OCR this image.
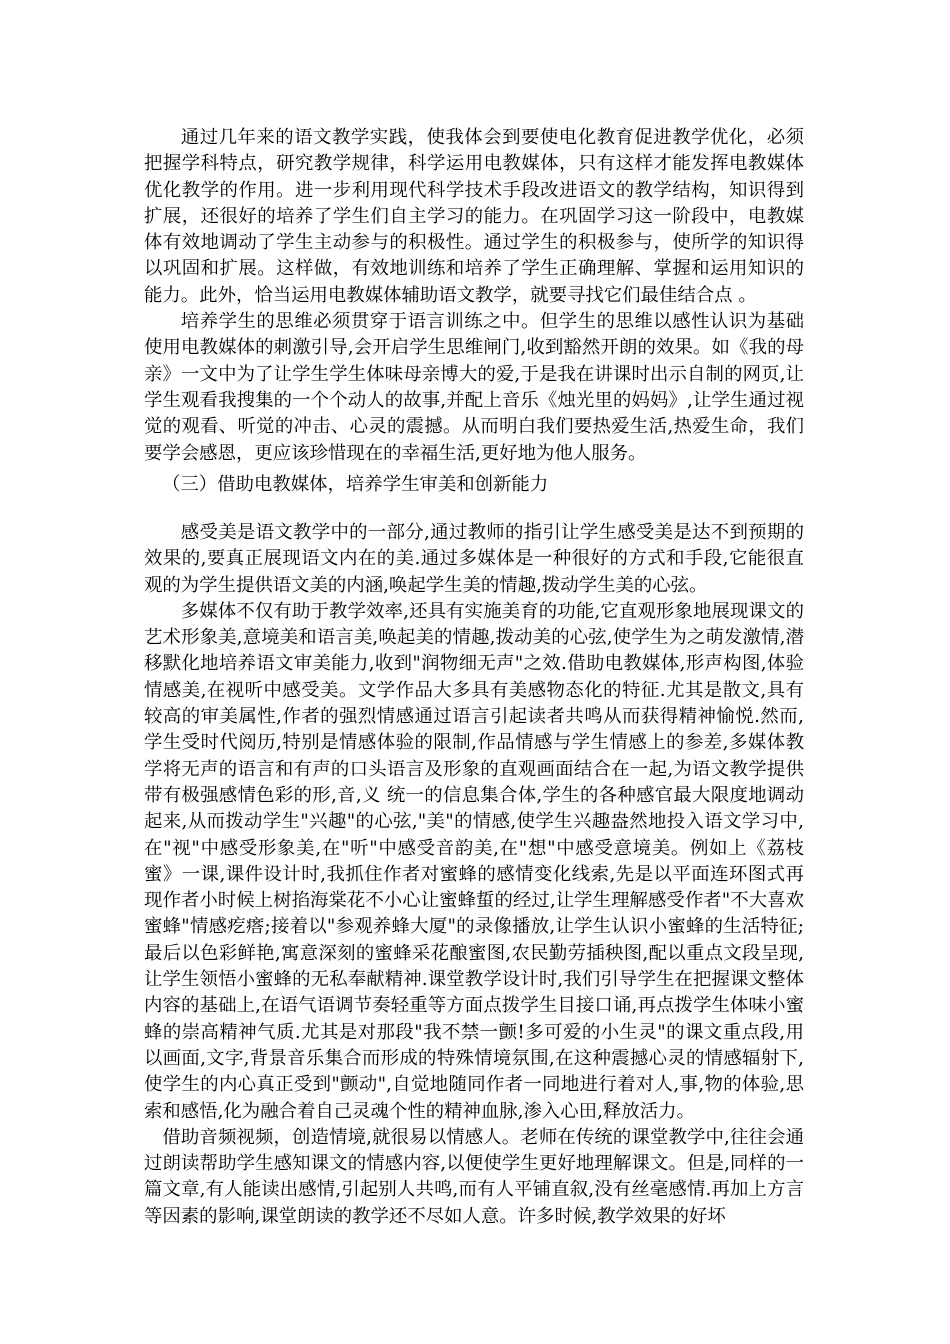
通过几年来的语文教学实践，使我体会到要使电化教育促进教学优化，必须把握学科特点，研究教学规律，科学运用电教媒体，只有这样才能发挥电教媒体优化教学的作用。进一步利用现代科学技术手段改进语文的教学结构，知识得到扩展，还很好的培养了学生们自主学习的能力。在巩固学习这一阶段中，电教媒体有效地调动了学生主动参与的积极性。通过学生的积极参与，使所学的知识得以巩固和扩展。这样做，有效地训练和培养了学生正确理解、掌握和运用知识的能力。此外，恰当运用电教媒体辅助语文教学，就要寻找它们最佳结合点 。

培养学生的思维必须贯穿于语言训练之中。但学生的思维以感性认识为基础使用电教媒体的刺激引导,会开启学生思维闸门,收到豁然开朗的效果。如《我的母亲》一文中为了让学生学生体味母亲博大的爱,于是我在讲课时出示自制的网页,让学生观看我搜集的一个个动人的故事,并配上音乐《烛光里的妈妈》,让学生通过视觉的观看、听觉的冲击、心灵的震撼。从而明白我们要热爱生活,热爱生命，我们要学会感恩，更应该珍惜现在的幸福生活,更好地为他人服务。

（三）借助电教媒体，培养学生审美和创新能力

感受美是语文教学中的一部分,通过教师的指引让学生感受美是达不到预期的效果的,要真正展现语文内在的美.通过多媒体是一种很好的方式和手段,它能很直观的为学生提供语文美的内涵,唤起学生美的情趣,拨动学生美的心弦。

多媒体不仅有助于教学效率,还具有实施美育的功能,它直观形象地展现课文的艺术形象美,意境美和语言美,唤起美的情趣,拨动美的心弦,使学生为之萌发激情,潜移默化地培养语文审美能力,收到"润物细无声"之效.借助电教媒体,形声构图,体验情感美,在视听中感受美。文学作品大多具有美感物态化的特征.尤其是散文,具有较高的审美属性,作者的强烈情感通过语言引起读者共鸣从而获得精神愉悦.然而,学生受时代阅历,特别是情感体验的限制,作品情感与学生情感上的参差,多媒体教学将无声的语言和有声的口头语言及形象的直观画面结合在一起,为语文教学提供带有极强感情色彩的形,音,义 统一的信息集合体,学生的各种感官最大限度地调动起来,从而拨动学生"兴趣"的心弦,"美"的情感,使学生兴趣盎然地投入语文学习中,在"视"中感受形象美,在"听"中感受音韵美,在"想"中感受意境美。例如上《荔枝蜜》一课,课件设计时,我抓住作者对蜜蜂的感情变化线索,先是以平面连环图式再现作者小时候上树掐海棠花不小心让蜜蜂蜇的经过,让学生理解感受作者"不大喜欢蜜蜂"情感疙瘩;接着以"参观养蜂大厦"的录像播放,让学生认识小蜜蜂的生活特征;最后以色彩鲜艳,寓意深刻的蜜蜂采花酿蜜图,农民勤劳插秧图,配以重点文段呈现,让学生领悟小蜜蜂的无私奉献精神.课堂教学设计时,我们引导学生在把握课文整体内容的基础上,在语气语调节奏轻重等方面点拨学生目接口诵,再点拨学生体味小蜜蜂的崇高精神气质.尤其是对那段"我不禁一颤!多可爱的小生灵"的课文重点段,用以画面,文字,背景音乐集合而形成的特殊情境氛围,在这种震撼心灵的情感辐射下,使学生的内心真正受到"颤动",自觉地随同作者一同地进行着对人,事,物的体验,思索和感悟,化为融合着自己灵魂个性的精神血脉,渗入心田,释放活力。

借助音频视频，创造情境,就很易以情感人。老师在传统的课堂教学中,往往会通过朗读帮助学生感知课文的情感内容,以便使学生更好地理解课文。但是,同样的一篇文章,有人能读出感情,引起别人共鸣,而有人平铺直叙,没有丝毫感情.再加上方言等因素的影响,课堂朗读的教学还不尽如人意。许多时候,教学效果的好坏
